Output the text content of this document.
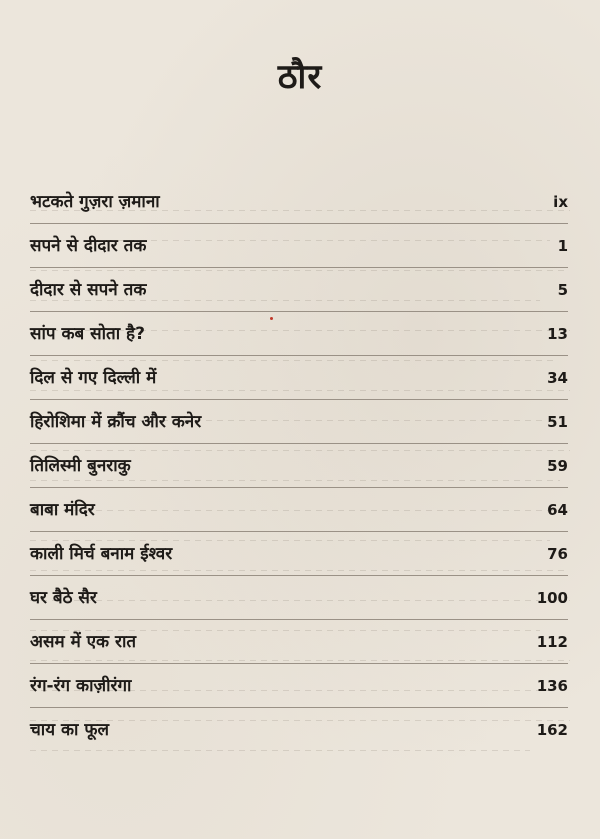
ठौर
भटकते गुज़रा ज़माना	ix
सपने से दीदार तक	1
दीदार से सपने तक	5
सांप कब सोता है?	13
दिल से गए दिल्ली में	34
हिरोशिमा में क्रौंच और कनेर	51
तिलिस्मी बुनराकु	59
बाबा मंदिर	64
काली मिर्च बनाम ईश्वर	76
घर बैठे सैर	100
असम में एक रात	112
रंग-रंग काज़ीरंगा	136
चाय का फूल	162
